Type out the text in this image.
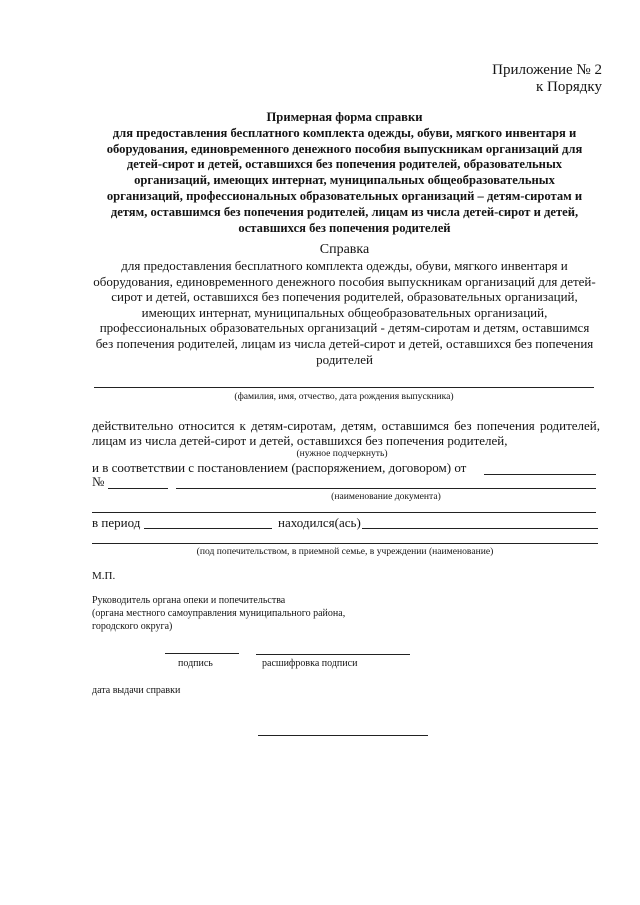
Приложение № 2
к Порядку
Примерная форма справки
для предоставления бесплатного комплекта одежды, обуви, мягкого инвентаря и
оборудования, единовременного денежного пособия выпускникам организаций для
детей-сирот и детей, оставшихся без попечения родителей, образовательных
организаций, имеющих интернат, муниципальных общеобразовательных
организаций, профессиональных образовательных организаций – детям-сиротам и
детям, оставшимся без попечения родителей, лицам из числа детей-сирот и детей,
оставшихся без попечения родителей
Справка
для предоставления бесплатного комплекта одежды, обуви, мягкого инвентаря и
оборудования, единовременного денежного пособия выпускникам организаций для детей-
сирот и детей, оставшихся без попечения родителей, образовательных организаций,
имеющих интернат, муниципальных общеобразовательных организаций,
профессиональных образовательных организаций - детям-сиротам и детям, оставшимся
без попечения родителей, лицам из числа детей-сирот и детей, оставшихся без попечения
родителей
(фамилия, имя, отчество, дата рождения выпускника)
действительно относится к детям-сиротам, детям, оставшимся без попечения родителей,
лицам из числа детей-сирот и детей, оставшихся без попечения родителей,
(нужное подчеркнуть)
и в соответствии с постановлением (распоряжением, договором) от
№
(наименование документа)
в период	находился(ась)
(под попечительством, в приемной семье, в учреждении (наименование)
М.П.
Руководитель органа опеки и попечительства
(органа местного самоуправления муниципального района,
городского округа)
подпись	расшифровка подписи
дата выдачи справки
